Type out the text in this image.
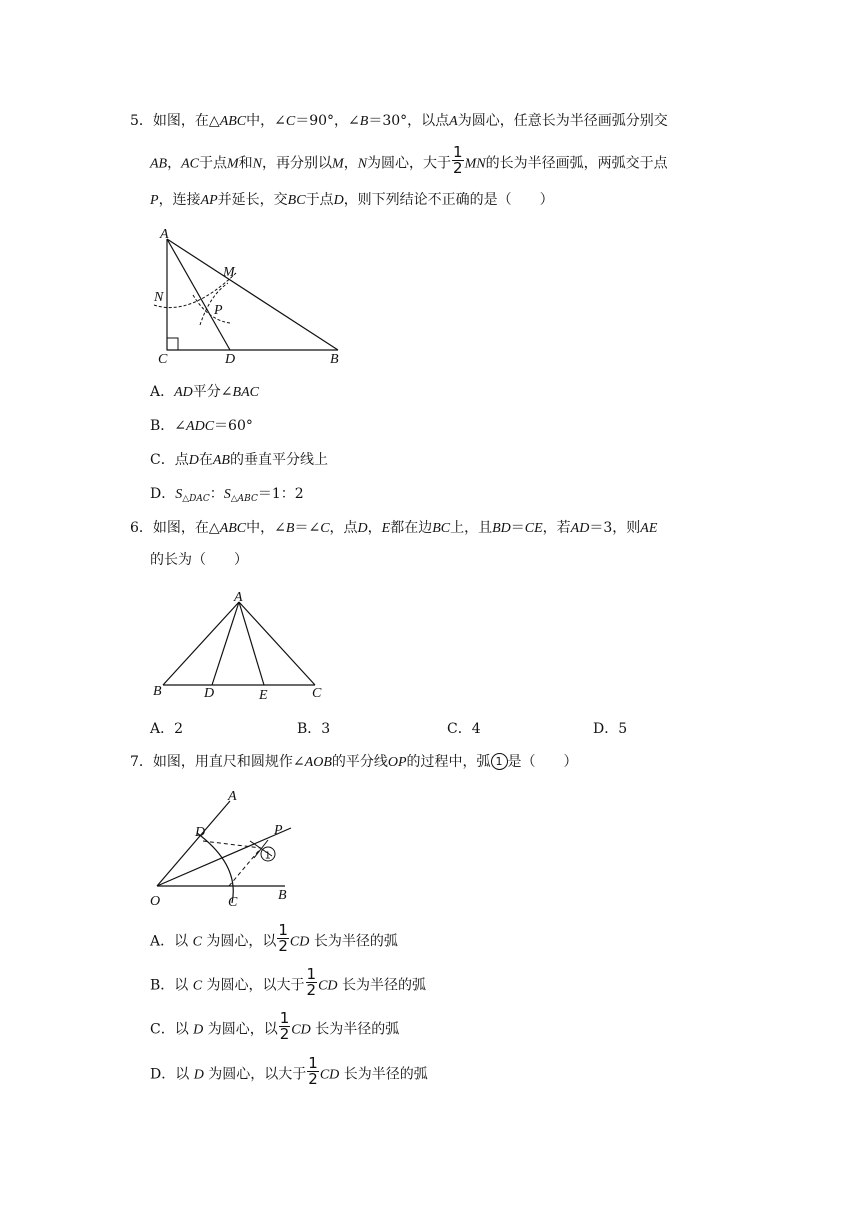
5．如图，在△ABC中，∠C＝90°，∠B＝30°，以点A为圆心，任意长为半径画弧分别交
AB，AC于点M和N，再分别以M，N为圆心，大于 $\frac{1}{2}$ MN的长为半径画弧，两弧交于点
P，连接AP并延长，交BC于点D，则下列结论不正确的是（　　）
A
M
N
P
C	D	B
A．AD平分∠BAC
B．∠ADC＝60°
C．点D在AB的垂直平分线上
D．$S_{\triangle DAC}$：$S_{\triangle ABC}=1$：2
6．如图，在△ABC中，∠B＝∠C，点D，E都在边BC上，且BD＝CE，若AD＝3，则AE
的长为（　　）
A
B	D	E	C
A．2	B．3	C．4	D．5
7．如图，用直尺和圆规作∠AOB的平分线OP的过程中，弧 1 是（　　）
A
D	P
O	C	B
1
A．以 C 为圆心，以 $\frac{1}{2}$ CD 长为半径的弧
B．以 C 为圆心，以大于 $\frac{1}{2}$ CD 长为半径的弧
C．以 D 为圆心，以 $\frac{1}{2}$ CD 长为半径的弧
D．以 D 为圆心，以大于 $\frac{1}{2}$ CD 长为半径的弧
